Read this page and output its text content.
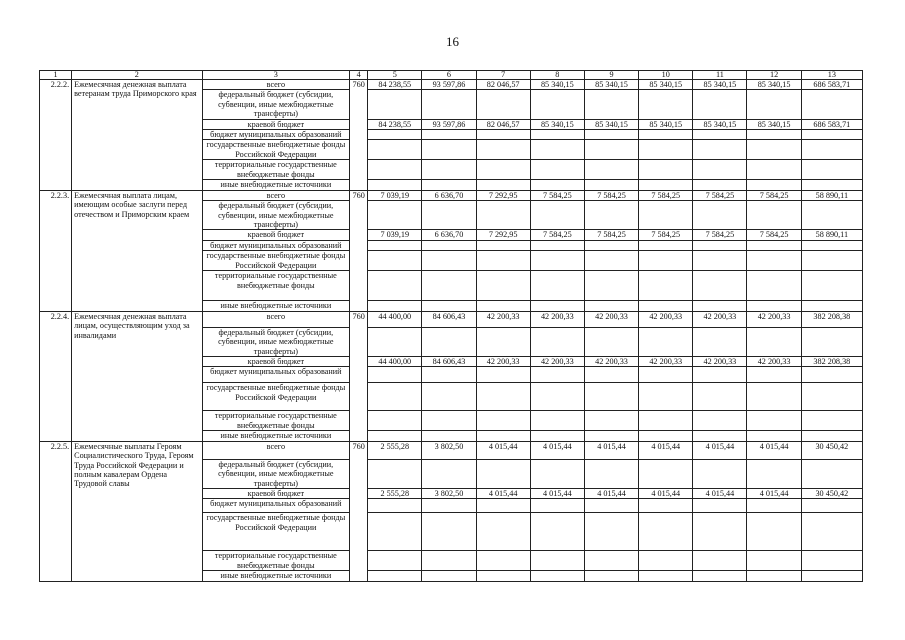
16
1	2	3	4	5	6	7	8	9	10	11	12	13
2.2.2.	Ежемесячная денежная выплата ветеранам труда Приморского края	всего	760	84 238,55	93 597,86	82 046,57	85 340,15	85 340,15	85 340,15	85 340,15	85 340,15	686 583,71
		федеральный бюджет (субсидии, субвенции, иные межбюджетные трансферты)										
		краевой бюджет		84 238,55	93 597,86	82 046,57	85 340,15	85 340,15	85 340,15	85 340,15	85 340,15	686 583,71
		бюджет муниципальных образований										
		государственные внебюджетные фонды Российской Федерации										
		территориальные государственные внебюджетные фонды										
		иные внебюджетные источники										
2.2.3.	Ежемесячная выплата лицам, имеющим особые заслуги перед отечеством и Приморским краем	всего	760	7 039,19	6 636,70	7 292,95	7 584,25	7 584,25	7 584,25	7 584,25	7 584,25	58 890,11
		федеральный бюджет (субсидии, субвенции, иные межбюджетные трансферты)										
		краевой бюджет		7 039,19	6 636,70	7 292,95	7 584,25	7 584,25	7 584,25	7 584,25	7 584,25	58 890,11
		бюджет муниципальных образований										
		государственные внебюджетные фонды Российской Федерации										
		территориальные государственные внебюджетные фонды										
		иные внебюджетные источники										
2.2.4.	Ежемесячная денежная выплата лицам, осуществляющим уход за инвалидами	всего	760	44 400,00	84 606,43	42 200,33	42 200,33	42 200,33	42 200,33	42 200,33	42 200,33	382 208,38
		федеральный бюджет (субсидии, субвенции, иные межбюджетные трансферты)										
		краевой бюджет		44 400,00	84 606,43	42 200,33	42 200,33	42 200,33	42 200,33	42 200,33	42 200,33	382 208,38
		бюджет муниципальных образований										
		государственные внебюджетные фонды Российской Федерации										
		территориальные государственные внебюджетные фонды										
		иные внебюджетные источники										
2.2.5.	Ежемесячные выплаты Героям Социалистического Труда, Героям Труда Российской Федерации и полным кавалерам Ордена Трудовой славы	всего	760	2 555,28	3 802,50	4 015,44	4 015,44	4 015,44	4 015,44	4 015,44	4 015,44	30 450,42
		федеральный бюджет (субсидии, субвенции, иные межбюджетные трансферты)										
		краевой бюджет		2 555,28	3 802,50	4 015,44	4 015,44	4 015,44	4 015,44	4 015,44	4 015,44	30 450,42
		бюджет муниципальных образований										
		государственные внебюджетные фонды Российской Федерации										
		территориальные государственные внебюджетные фонды										
		иные внебюджетные источники										
